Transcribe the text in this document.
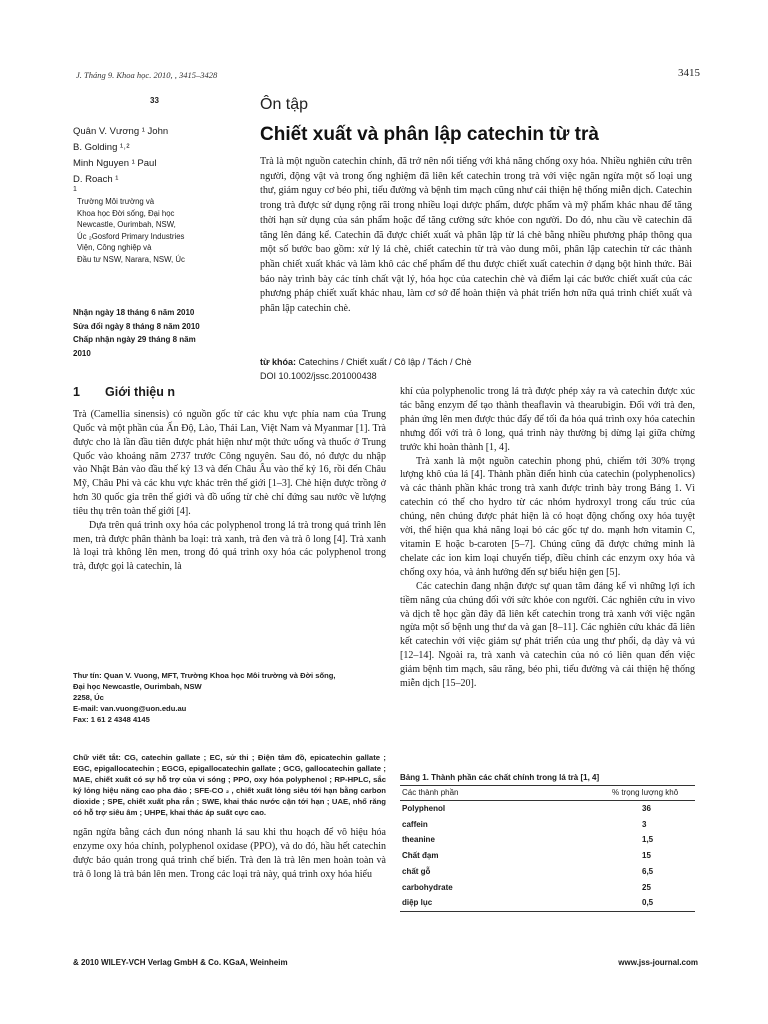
J. Tháng 9. Khoa học. 2010, , 3415–3428	3415
33
Quân V. Vương ¹ John
B. Golding ¹˒²
Minh Nguyen ¹ Paul
D. Roach ¹
1
Trường Môi trường và
Khoa học Đời sống, Đại học
Newcastle, Ourimbah, NSW,
Úc ₂Gosford Primary Industries
Viện, Công nghiệp và
Đầu tư NSW, Narara, NSW, Úc
Nhận ngày 18 tháng 6 năm 2010
Sửa đổi ngày 8 tháng 8 năm 2010
Chấp nhận ngày 29 tháng 8 năm
2010
Ôn tập
Chiết xuất và phân lập catechin từ trà
Trà là một nguồn catechin chính, đã trở nên nổi tiếng với khả năng chống oxy hóa. Nhiều nghiên cứu trên người, động vật và trong ống nghiệm đã liên kết catechin trong trà với việc ngăn ngừa một số loại ung thư, giảm nguy cơ béo phì, tiểu đường và bệnh tim mạch cũng như cải thiện hệ thống miễn dịch. Catechin trong trà được sử dụng rộng rãi trong nhiều loại dược phẩm, dược phẩm và mỹ phẩm khác nhau để tăng thời hạn sử dụng của sản phẩm hoặc để tăng cường sức khỏe con người. Do đó, nhu cầu về catechin đã tăng lên đáng kể. Catechin đã được chiết xuất và phân lập từ lá chè bằng nhiều phương pháp thông qua một số bước bao gồm: xử lý lá chè, chiết catechin từ trà vào dung môi, phân lập catechin từ các thành phần chiết xuất khác và làm khô các chế phẩm để thu được chiết xuất catechin ở dạng bột hình thức. Bài báo này trình bày các tính chất vật lý, hóa học của catechin chè và điểm lại các bước chiết xuất của các phương pháp chiết xuất khác nhau, làm cơ sở để hoàn thiện và phát triển hơn nữa quá trình chiết xuất và phân lập catechin chè.
từ khóa: Catechins / Chiết xuất / Cô lập / Tách / Chè
DOI 10.1002/jssc.201000438
1 Giới thiệu n

Trà (Camellia sinensis) có nguồn gốc từ các khu vực phía nam của Trung Quốc và một phần của Ấn Độ, Lào, Thái Lan, Việt Nam và Myanmar [1]. Trà được cho là lần đầu tiên được phát hiện như một thức uống và thuốc ở Trung Quốc vào khoảng năm 2737 trước Công nguyên. Sau đó, nó được du nhập vào Nhật Bản vào đầu thế kỷ 13 và đến Châu Âu vào thế kỷ 16, rồi đến Châu Mỹ, Châu Phi và các khu vực khác trên thế giới [1–3]. Chè hiện được trồng ở hơn 30 quốc gia trên thế giới và đồ uống từ chè chỉ đứng sau nước về lượng tiêu thụ trên toàn thế giới [4].

Dựa trên quá trình oxy hóa các polyphenol trong lá trà trong quá trình lên men, trà được phân thành ba loại: trà xanh, trà đen và trà ô long [4]. Trà xanh là loại trà không lên men, trong đó quá trình oxy hóa các polyphenol trong trà, được gọi là catechin, là

Thư tín: Quan V. Vuong, MFT, Trường Khoa học Môi trường và Đời sống,
Đại học Newcastle, Ourimbah, NSW
2258, Úc
E-mail: van.vuong@uon.edu.au
Fax: 1 61 2 4348 4145
Chữ viết tắt: CG, catechin gallate ; EC, sử thi ; Điện tâm đồ, epicatechin gallate ; EGC, epigallocatechin ; EGCG, epigallocatechin gallate ; GCG, gallocatechin gallate ; MAE, chiết xuất có sự hỗ trợ của vi sóng ; PPO, oxy hóa polyphenol ; RP-HPLC, sắc ký lỏng hiệu năng cao pha đảo ; SFE-CO ₂ , chiết xuất lỏng siêu tới hạn bằng carbon dioxide ; SPE, chiết xuất pha rắn ; SWE, khai thác nước cận tới hạn ; UAE, nhổ răng có hỗ trợ siêu âm ; UHPE, khai thác áp suất cực cao.
ngăn ngừa bằng cách đun nóng nhanh lá sau khi thu hoạch để vô hiệu hóa enzyme oxy hóa chính, polyphenol oxidase (PPO), và do đó, hầu hết catechin được bảo quản trong quá trình chế biến. Trà đen là trà lên men hoàn toàn và trà ô long là trà bán lên men. Trong các loại trà này, quá trình oxy hóa hiếu

khí của polyphenolic trong lá trà được phép xảy ra và catechin được xúc tác bằng enzym để tạo thành theaflavin và thearubigin. Đối với trà đen, phản ứng lên men được thúc đẩy để tối đa hóa quá trình oxy hóa catechin nhưng đối với trà ô long, quá trình này thường bị dừng lại giữa chừng trước khi hoàn thành [1, 4].

Trà xanh là một nguồn catechin phong phú, chiếm tới 30% trọng lượng khô của lá [4]. Thành phần điển hình của catechin (polyphenolics) và các thành phần khác trong trà xanh được trình bày trong Bảng 1. Vì catechin có thể cho hydro từ các nhóm hydroxyl trong cấu trúc của chúng, nên chúng được phát hiện là có hoạt động chống oxy hóa tuyệt vời, thể hiện qua khả năng loại bỏ các gốc tự do. mạnh hơn vitamin C, vitamin E hoặc b-caroten [5–7]. Chúng cũng đã được chứng minh là chelate các ion kim loại chuyển tiếp, điều chỉnh các enzym oxy hóa và chống oxy hóa, và ảnh hưởng đến sự biểu hiện gen [5].

Các catechin đang nhận được sự quan tâm đáng kể vì những lợi ích tiềm năng của chúng đối với sức khỏe con người. Các nghiên cứu in vivo và dịch tễ học gần đây đã liên kết catechin trong trà xanh với việc ngăn ngừa một số bệnh ung thư da và gan [8–11]. Các nghiên cứu khác đã liên kết catechin với việc giảm sự phát triển của ung thư phổi, dạ dày và vú [12–14]. Ngoài ra, trà xanh và catechin của nó có liên quan đến việc giảm bệnh tim mạch, sâu răng, béo phì, tiểu đường và cải thiện hệ thống miễn dịch [15–20].

Bảng 1. Thành phần các chất chính trong lá trà [1, 4]
Các thành phần	% trọng lượng khô
Polyphenol	36
caffein	3
theanine	1,5
Chất đạm	15
chất gỗ	6,5
carbohydrate	25
diệp lục	0,5
& 2010 WILEY-VCH Verlag GmbH & Co. KGaA, Weinheim	www.jss-journal.com
